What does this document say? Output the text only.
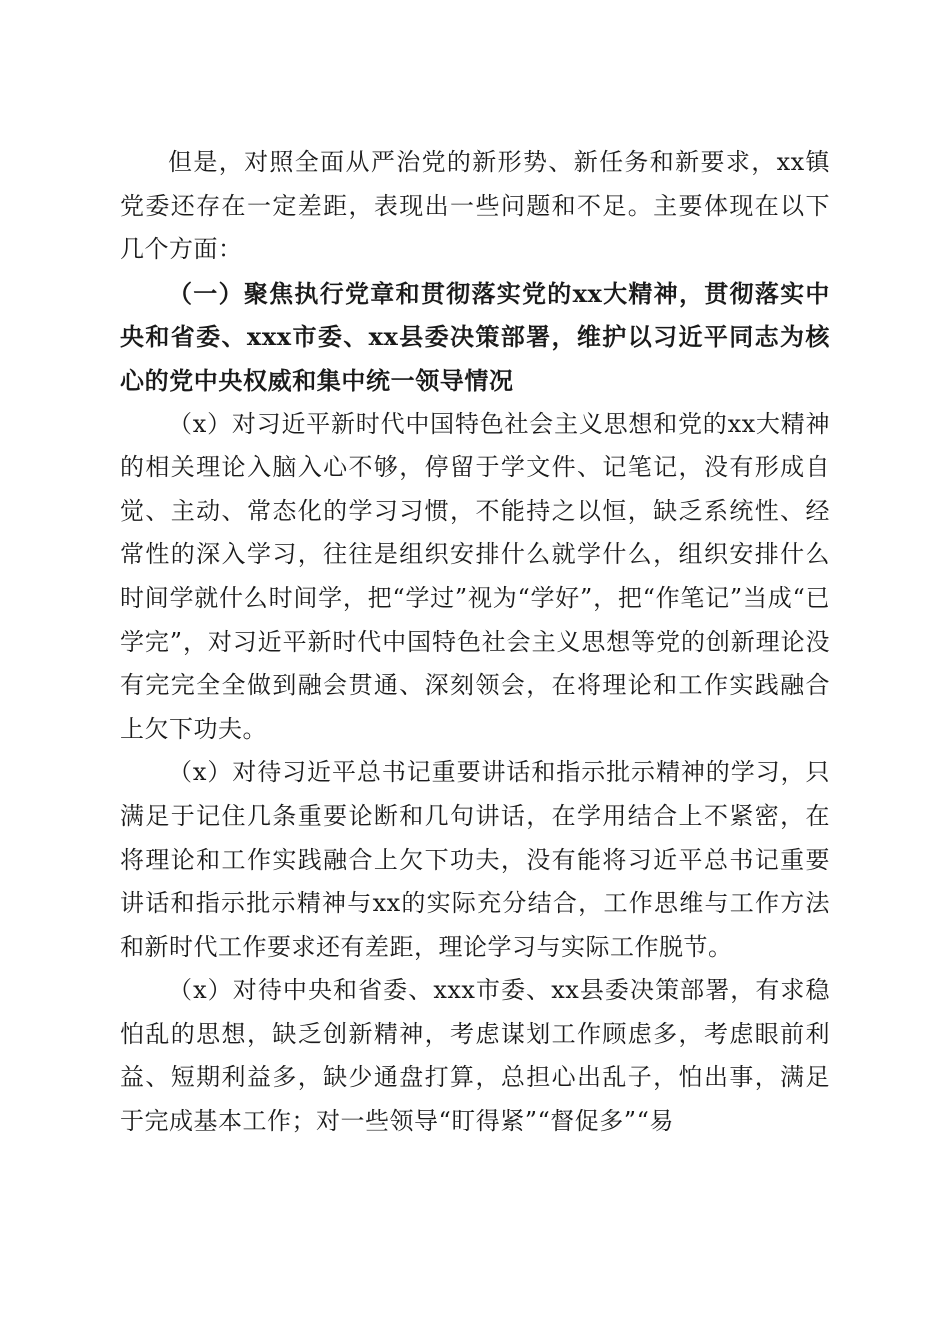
但是，对照全面从严治党的新形势、新任务和新要求，xx镇党委还存在一定差距，表现出一些问题和不足。主要体现在以下几个方面：

（一）聚焦执行党章和贯彻落实党的xx大精神，贯彻落实中央和省委、xxx市委、xx县委决策部署，维护以习近平同志为核心的党中央权威和集中统一领导情况

（x）对习近平新时代中国特色社会主义思想和党的xx大精神的相关理论入脑入心不够，停留于学文件、记笔记，没有形成自觉、主动、常态化的学习习惯，不能持之以恒，缺乏系统性、经常性的深入学习，往往是组织安排什么就学什么，组织安排什么时间学就什么时间学，把“学过”视为“学好”，把“作笔记”当成“已学完”，对习近平新时代中国特色社会主义思想等党的创新理论没有完完全全做到融会贯通、深刻领会，在将理论和工作实践融合上欠下功夫。

（x）对待习近平总书记重要讲话和指示批示精神的学习，只满足于记住几条重要论断和几句讲话，在学用结合上不紧密，在将理论和工作实践融合上欠下功夫，没有能将习近平总书记重要讲话和指示批示精神与xx的实际充分结合，工作思维与工作方法和新时代工作要求还有差距，理论学习与实际工作脱节。

（x）对待中央和省委、xxx市委、xx县委决策部署，有求稳怕乱的思想，缺乏创新精神，考虑谋划工作顾虑多，考虑眼前利益、短期利益多，缺少通盘打算，总担心出乱子，怕出事，满足于完成基本工作；对一些领导“盯得紧”“督促多”“易
